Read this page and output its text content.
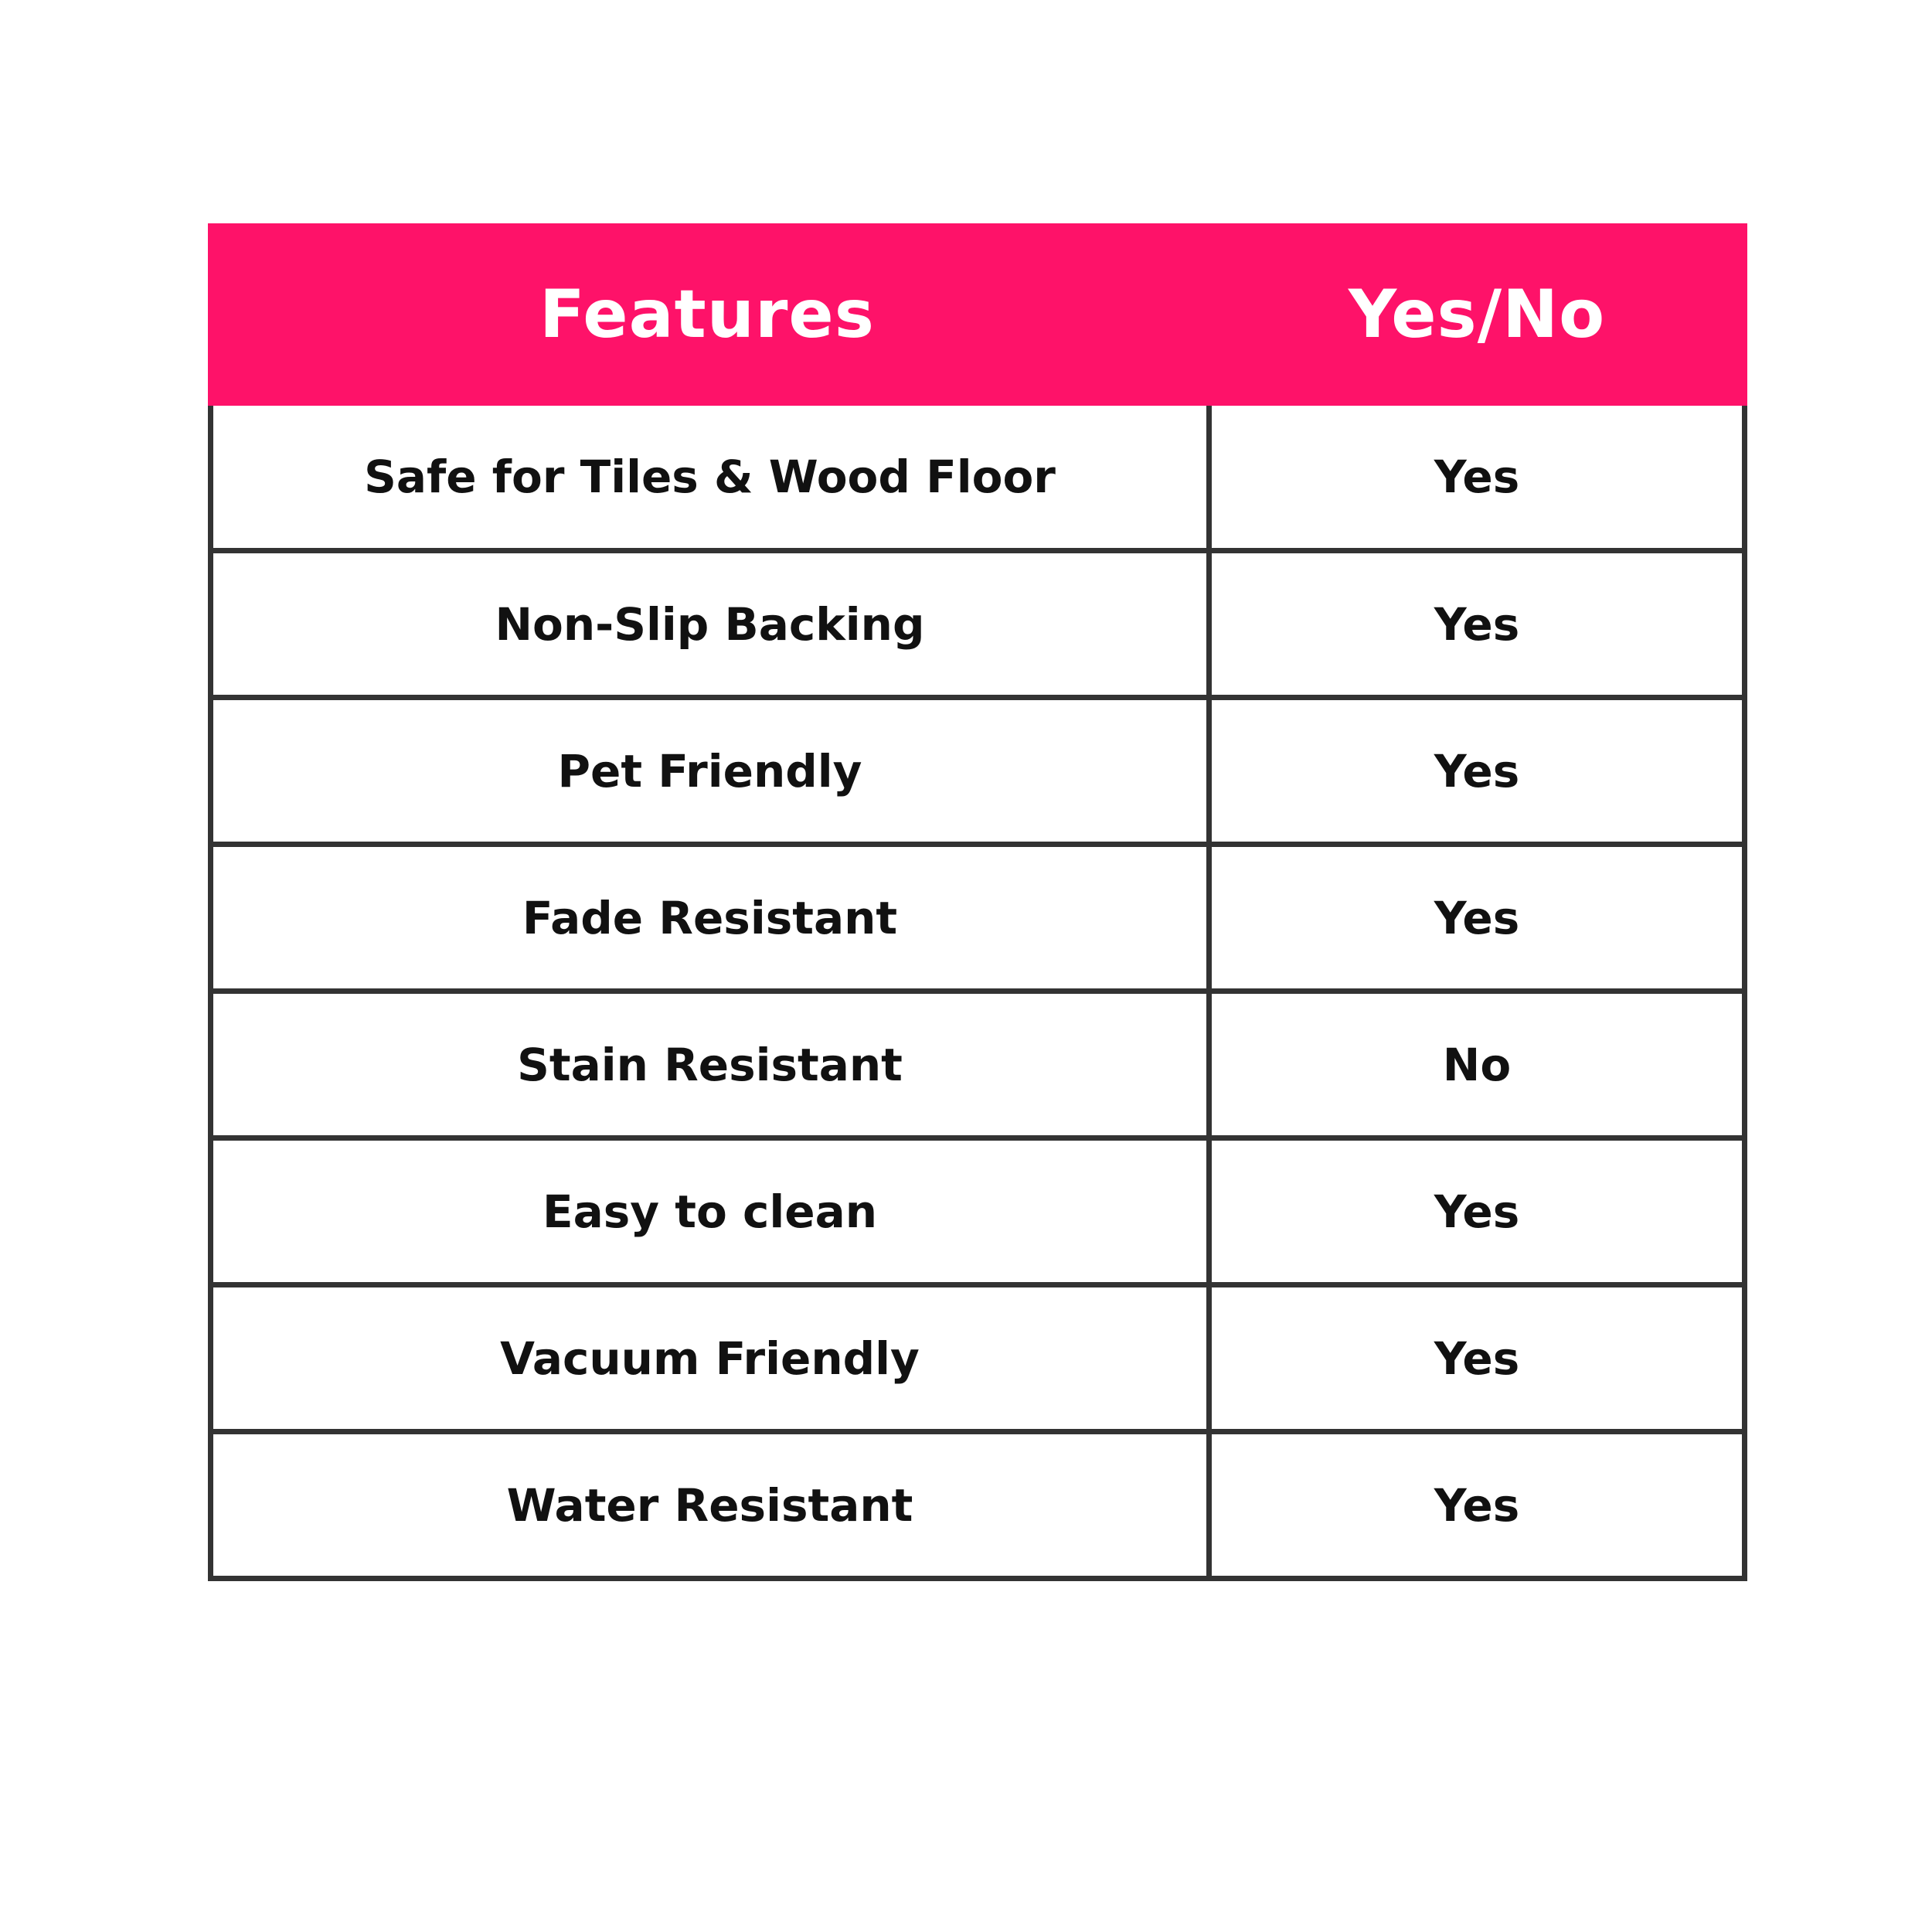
Features	Yes/No
Safe for Tiles & Wood Floor	Yes
Non-Slip Backing	Yes
Pet Friendly	Yes
Fade Resistant	Yes
Stain Resistant	No
Easy to clean	Yes
Vacuum Friendly	Yes
Water Resistant	Yes
